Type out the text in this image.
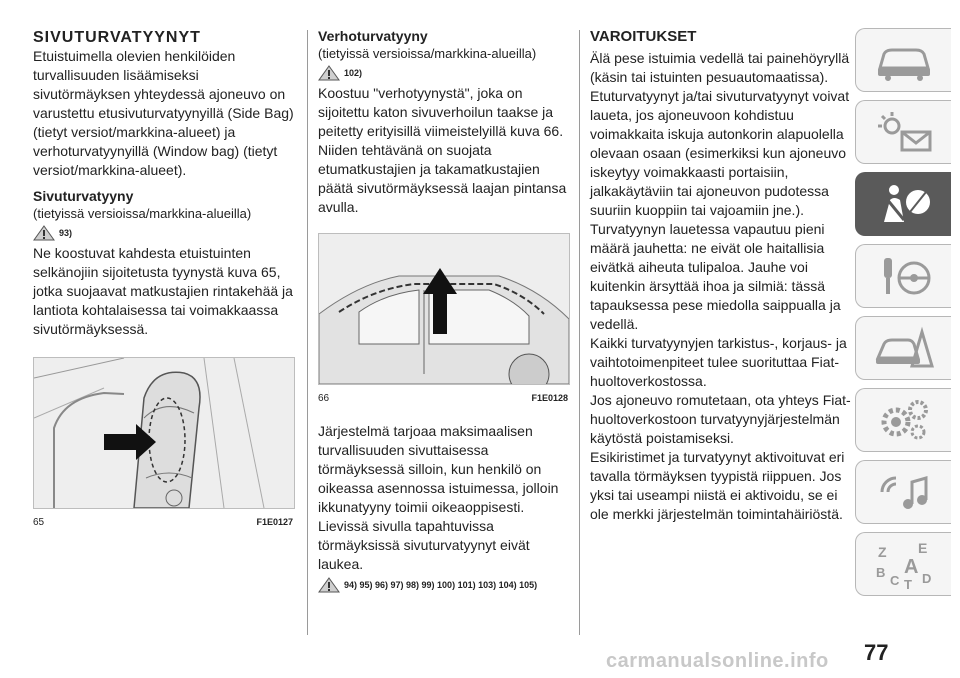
SIVUTURVATYYNYT

Etuistuimella olevien henkilöiden turvallisuuden lisäämiseksi sivutörmäyksen yhteydessä ajoneuvo on varustettu etusivuturvatyynyillä (Side Bag) (tietyt versiot/markkina-alueet) ja verhoturvatyynyillä (Window bag) (tietyt versiot/markkina-alueet).

Sivuturvatyyny
(tietyissä versioissa/markkina-alueilla)
93)

Ne koostuvat kahdesta etuistuinten selkänojiin sijoitetusta tyynystä kuva 65, jotka suojaavat matkustajien rintakehää ja lantiota kohtalaisessa tai voimakkaassa sivutörmäyksessä.

65	F1E0127
Verhoturvatyyny
(tietyissä versioissa/markkina-alueilla)
102)

Koostuu "verhotyynystä", joka on sijoitettu katon sivuverhoilun taakse ja peitetty erityisillä viimeistelyillä kuva 66. Niiden tehtävänä on suojata etumatkustajien ja takamatkustajien päätä sivutörmäyksessä laajan pintansa avulla.

66	F1E0128

Järjestelmä tarjoaa maksimaalisen turvallisuuden sivuttaisessa törmäyksessä silloin, kun henkilö on oikeassa asennossa istuimessa, jolloin ikkunatyyny toimii oikeaoppisesti. Lievissä sivulla tapahtuvissa törmäyksissä sivuturvatyynyt eivät laukea.

94) 95) 96) 97) 98) 99) 100) 101) 103) 104) 105)
VAROITUKSET

Älä pese istuimia vedellä tai painehöyryllä (käsin tai istuinten pesuautomaatissa).

Etuturvatyynyt ja/tai sivuturvatyynyt voivat laueta, jos ajoneuvoon kohdistuu voimakkaita iskuja autonkorin alapuolella olevaan osaan (esimerkiksi kun ajoneuvo iskeytyy voimakkaasti portaisiin, jalkakäytäviin tai ajoneuvon pudotessa suuriin kuoppiin tai vajoamiin jne.).

Turvatyynyn lauetessa vapautuu pieni määrä jauhetta: ne eivät ole haitallisia eivätkä aiheuta tulipaloa. Jauhe voi kuitenkin ärsyttää ihoa ja silmiä: tässä tapauksessa pese miedolla saippualla ja vedellä.

Kaikki turvatyynyjen tarkistus-, korjaus- ja vaihtotoimenpiteet tulee suorituttaa Fiat-huoltoverkostossa.

Jos ajoneuvo romutetaan, ota yhteys Fiat-huoltoverkostoon turvatyynyjärjestelmän käytöstä poistamiseksi.

Esikiristimet ja turvatyynyt aktivoituvat eri tavalla törmäyksen tyypistä riippuen. Jos yksi tai useampi niistä ei aktivoidu, se ei ole merkki järjestelmän toimintahäiriöstä.

Z E
B A
C T D
77
carmanualsonline.info
